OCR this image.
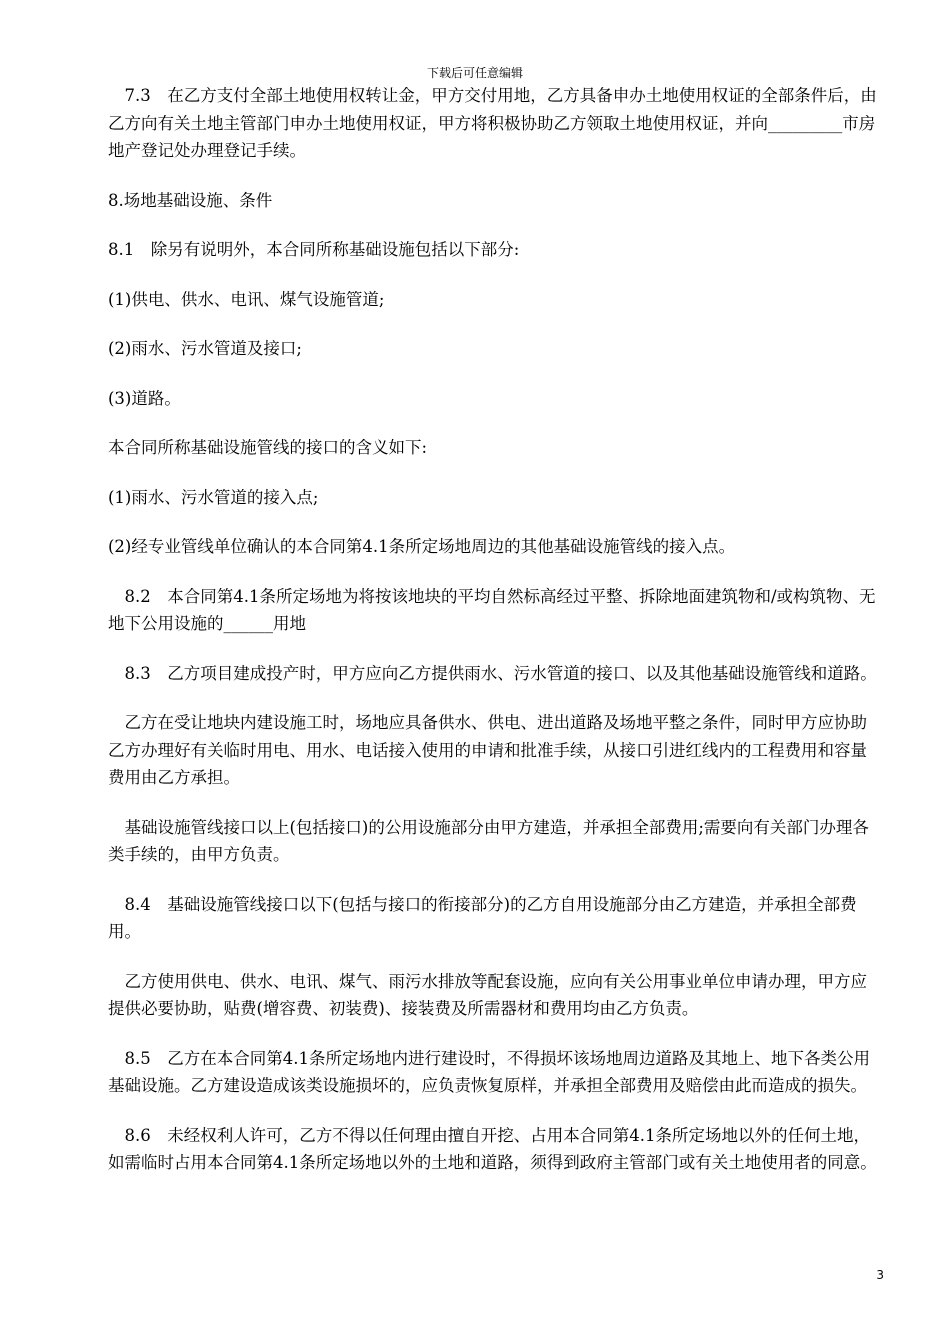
下载后可任意编辑

　7.3　在乙方支付全部土地使用权转让金，甲方交付用地，乙方具备申办土地使用权证的全部条件后，由乙方向有关土地主管部门申办土地使用权证，甲方将积极协助乙方领取土地使用权证，并向_________市房地产登记处办理登记手续。

8.场地基础设施、条件

8.1　除另有说明外，本合同所称基础设施包括以下部分:

(1)供电、供水、电讯、煤气设施管道;

(2)雨水、污水管道及接口;

(3)道路。

本合同所称基础设施管线的接口的含义如下:

(1)雨水、污水管道的接入点;

(2)经专业管线单位确认的本合同第4.1条所定场地周边的其他基础设施管线的接入点。

　8.2　本合同第4.1条所定场地为将按该地块的平均自然标高经过平整、拆除地面建筑物和/或构筑物、无地下公用设施的______用地

　8.3　乙方项目建成投产时，甲方应向乙方提供雨水、污水管道的接口、以及其他基础设施管线和道路。

　乙方在受让地块内建设施工时，场地应具备供水、供电、进出道路及场地平整之条件，同时甲方应协助乙方办理好有关临时用电、用水、电话接入使用的申请和批准手续，从接口引进红线内的工程费用和容量费用由乙方承担。

　基础设施管线接口以上(包括接口)的公用设施部分由甲方建造，并承担全部费用;需要向有关部门办理各类手续的，由甲方负责。

　8.4　基础设施管线接口以下(包括与接口的衔接部分)的乙方自用设施部分由乙方建造，并承担全部费用。

　乙方使用供电、供水、电讯、煤气、雨污水排放等配套设施，应向有关公用事业单位申请办理，甲方应提供必要协助，贴费(增容费、初装费)、接装费及所需器材和费用均由乙方负责。

　8.5　乙方在本合同第4.1条所定场地内进行建设时，不得损坏该场地周边道路及其地上、地下各类公用基础设施。乙方建设造成该类设施损坏的，应负责恢复原样，并承担全部费用及赔偿由此而造成的损失。

　8.6　未经权利人许可，乙方不得以任何理由擅自开挖、占用本合同第4.1条所定场地以外的任何土地，如需临时占用本合同第4.1条所定场地以外的土地和道路，须得到政府主管部门或有关土地使用者的同意。

3
